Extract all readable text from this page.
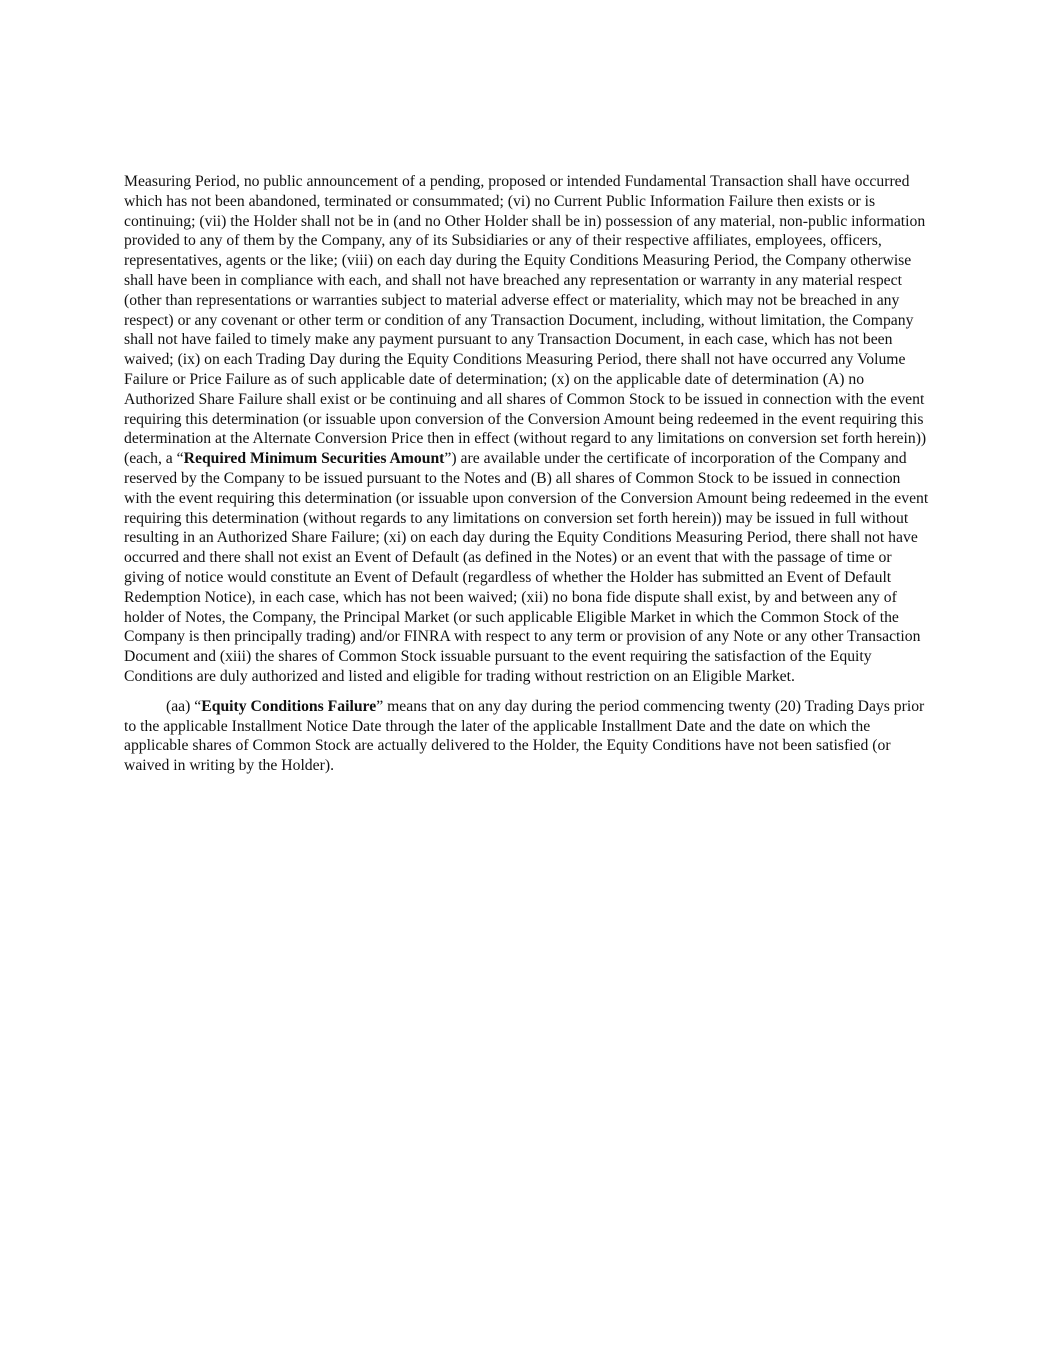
Measuring Period, no public announcement of a pending, proposed or intended Fundamental Transaction shall have occurred which has not been abandoned, terminated or consummated; (vi) no Current Public Information Failure then exists or is continuing; (vii) the Holder shall not be in (and no Other Holder shall be in) possession of any material, non-public information provided to any of them by the Company, any of its Subsidiaries or any of their respective affiliates, employees, officers, representatives, agents or the like; (viii) on each day during the Equity Conditions Measuring Period, the Company otherwise shall have been in compliance with each, and shall not have breached any representation or warranty in any material respect (other than representations or warranties subject to material adverse effect or materiality, which may not be breached in any respect) or any covenant or other term or condition of any Transaction Document, including, without limitation, the Company shall not have failed to timely make any payment pursuant to any Transaction Document, in each case, which has not been waived; (ix) on each Trading Day during the Equity Conditions Measuring Period, there shall not have occurred any Volume Failure or Price Failure as of such applicable date of determination; (x) on the applicable date of determination (A) no Authorized Share Failure shall exist or be continuing and all shares of Common Stock to be issued in connection with the event requiring this determination (or issuable upon conversion of the Conversion Amount being redeemed in the event requiring this determination at the Alternate Conversion Price then in effect (without regard to any limitations on conversion set forth herein)) (each, a “Required Minimum Securities Amount”) are available under the certificate of incorporation of the Company and reserved by the Company to be issued pursuant to the Notes and (B) all shares of Common Stock to be issued in connection with the event requiring this determination (or issuable upon conversion of the Conversion Amount being redeemed in the event requiring this determination (without regards to any limitations on conversion set forth herein)) may be issued in full without resulting in an Authorized Share Failure; (xi) on each day during the Equity Conditions Measuring Period, there shall not have occurred and there shall not exist an Event of Default (as defined in the Notes) or an event that with the passage of time or giving of notice would constitute an Event of Default (regardless of whether the Holder has submitted an Event of Default Redemption Notice), in each case, which has not been waived; (xii) no bona fide dispute shall exist, by and between any of holder of Notes, the Company, the Principal Market (or such applicable Eligible Market in which the Common Stock of the Company is then principally trading) and/or FINRA with respect to any term or provision of any Note or any other Transaction Document and (xiii) the shares of Common Stock issuable pursuant to the event requiring the satisfaction of the Equity Conditions are duly authorized and listed and eligible for trading without restriction on an Eligible Market.

(aa) “Equity Conditions Failure” means that on any day during the period commencing twenty (20) Trading Days prior to the applicable Installment Notice Date through the later of the applicable Installment Date and the date on which the applicable shares of Common Stock are actually delivered to the Holder, the Equity Conditions have not been satisfied (or waived in writing by the Holder).
